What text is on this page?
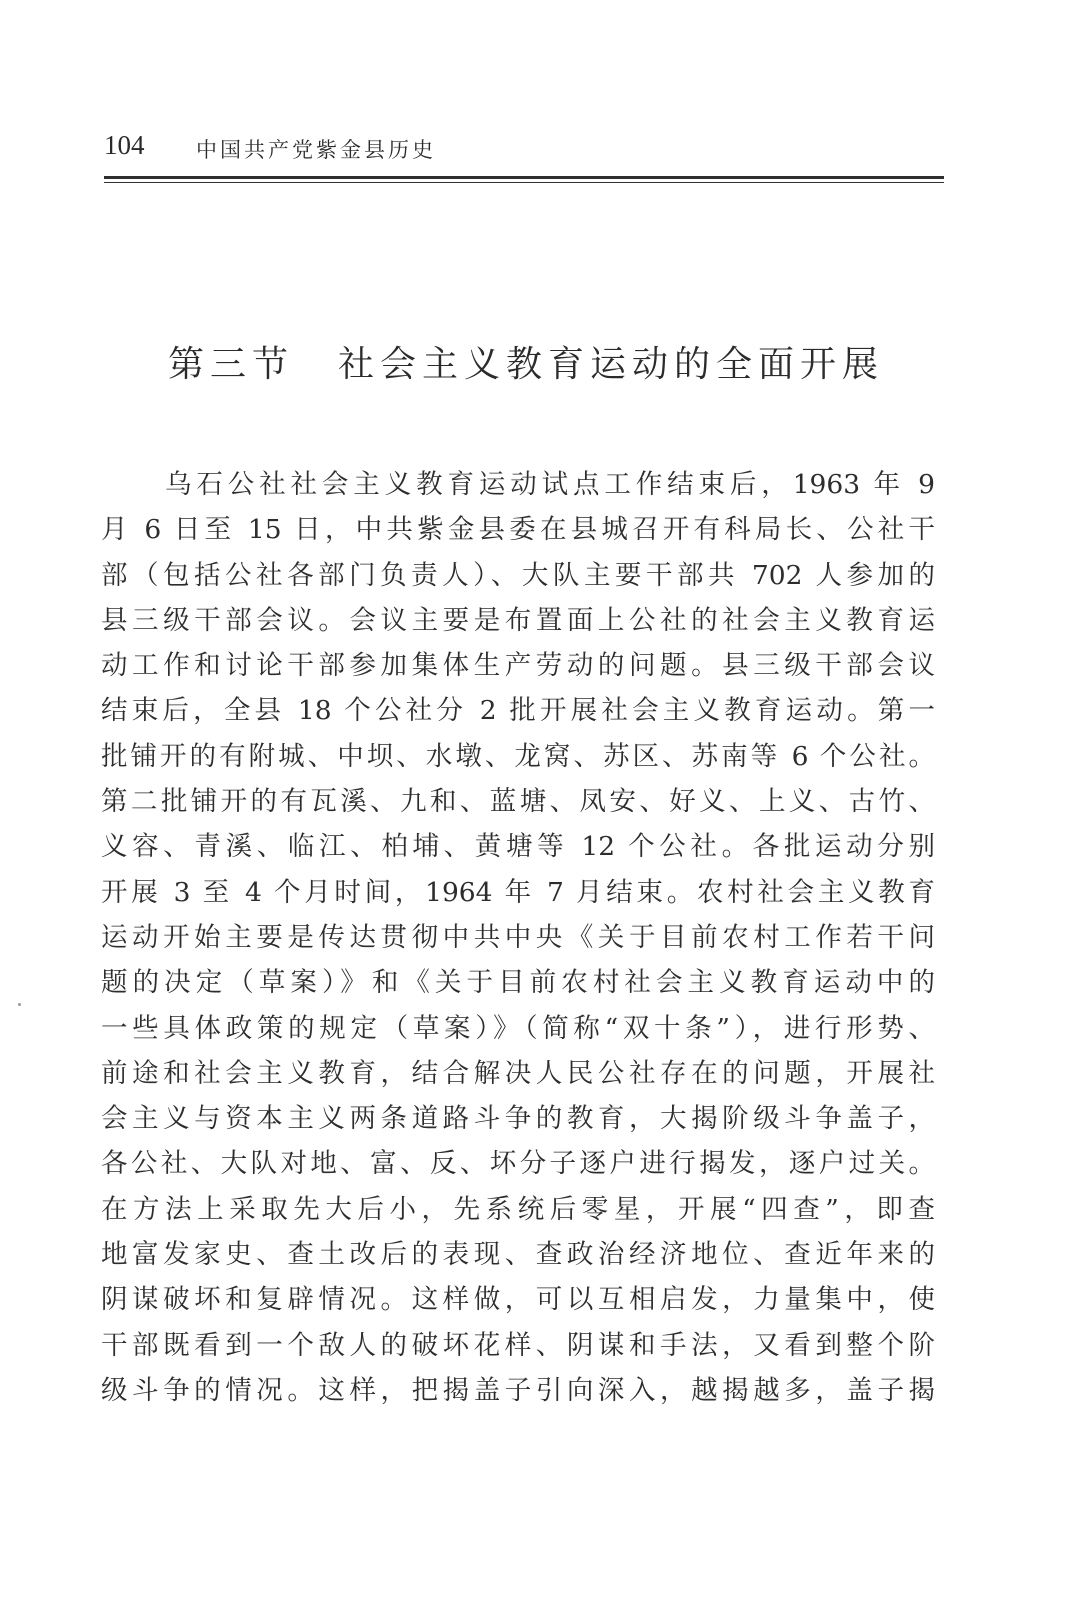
104 中国共产党紫金县历史
第三节 社会主义教育运动的全面开展
乌石公社社会主义教育运动试点工作结束后，1963 年 9
月 6 日至 15 日，中共紫金县委在县城召开有科局长、公社干
部（包括公社各部门负责人）、大队主要干部共 702 人参加的
县三级干部会议。会议主要是布置面上公社的社会主义教育运
动工作和讨论干部参加集体生产劳动的问题。县三级干部会议
结束后，全县 18 个公社分 2 批开展社会主义教育运动。第一
批铺开的有附城、中坝、水墩、龙窝、苏区、苏南等 6 个公社。
第二批铺开的有瓦溪、九和、蓝塘、凤安、好义、上义、古竹、
义容、青溪、临江、柏埔、黄塘等 12 个公社。各批运动分别
开展 3 至 4 个月时间，1964 年 7 月结束。农村社会主义教育
运动开始主要是传达贯彻中共中央《关于目前农村工作若干问
题的决定（草案）》和《关于目前农村社会主义教育运动中的
一些具体政策的规定（草案）》（简称“双十条”），进行形势、
前途和社会主义教育，结合解决人民公社存在的问题，开展社
会主义与资本主义两条道路斗争的教育，大揭阶级斗争盖子，
各公社、大队对地、富、反、坏分子逐户进行揭发，逐户过关。
在方法上采取先大后小，先系统后零星，开展“四查”，即查
地富发家史、查土改后的表现、查政治经济地位、查近年来的
阴谋破坏和复辟情况。这样做，可以互相启发，力量集中，使
干部既看到一个敌人的破坏花样、阴谋和手法，又看到整个阶
级斗争的情况。这样，把揭盖子引向深入，越揭越多，盖子揭
